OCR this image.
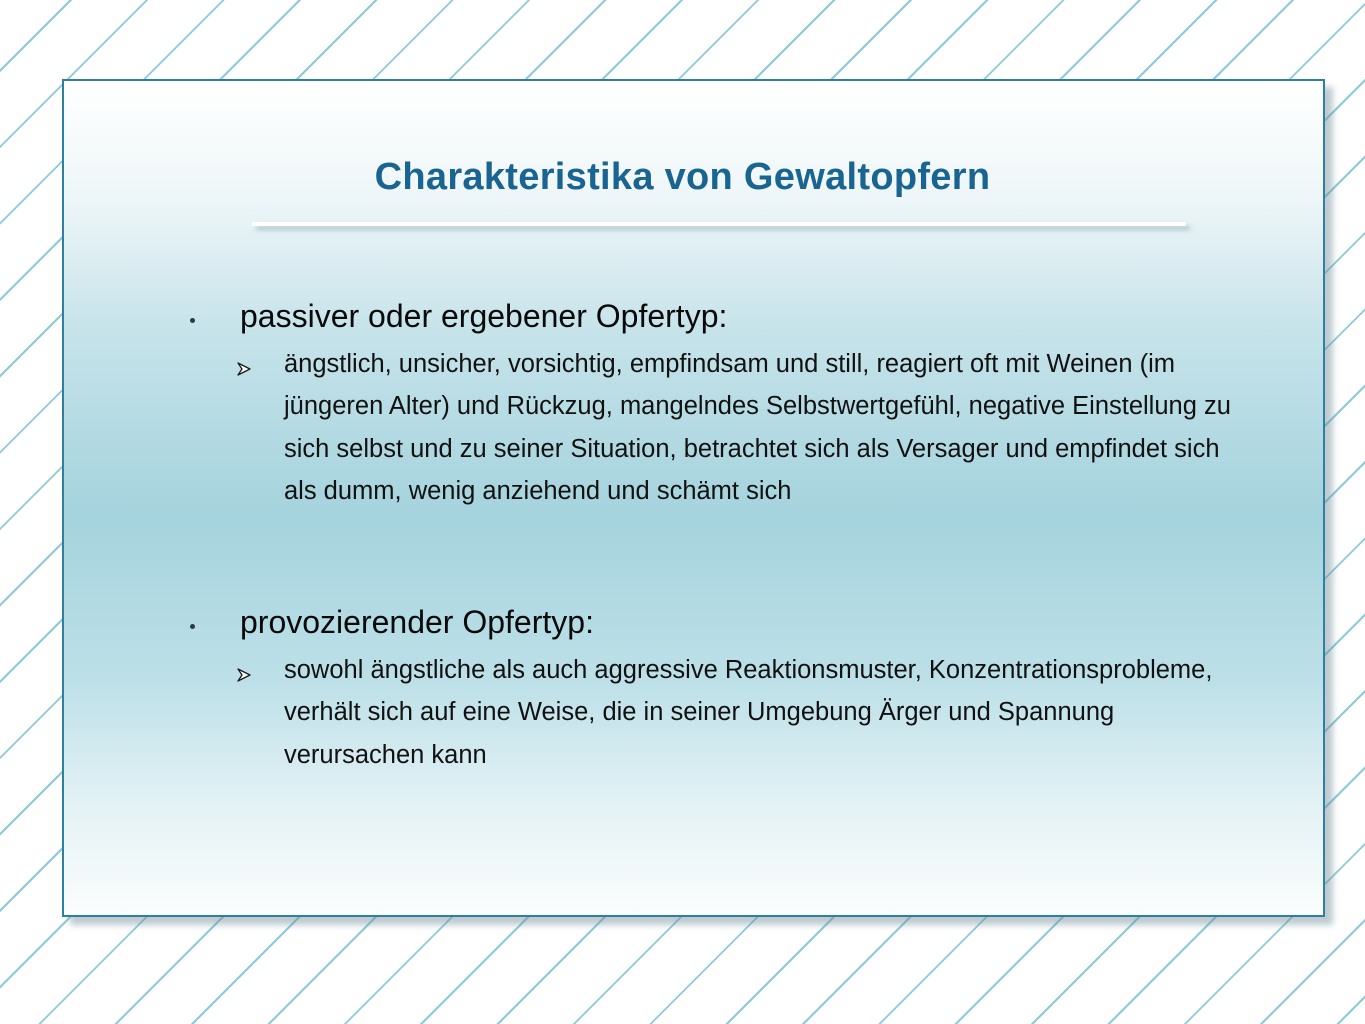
Charakteristika von Gewaltopfern
passiver oder ergebener Opfertyp:

ängstlich, unsicher, vorsichtig, empfindsam und still, reagiert oft mit Weinen (im jüngeren Alter) und Rückzug, mangelndes Selbstwertgefühl, negative Einstellung zu sich selbst und zu seiner Situation, betrachtet sich als Versager und empfindet sich als dumm, wenig anziehend und schämt sich

provozierender Opfertyp:

sowohl ängstliche als auch aggressive Reaktionsmuster, Konzentrationsprobleme, verhält sich auf eine Weise, die in seiner Umgebung Ärger und Spannung verursachen kann
